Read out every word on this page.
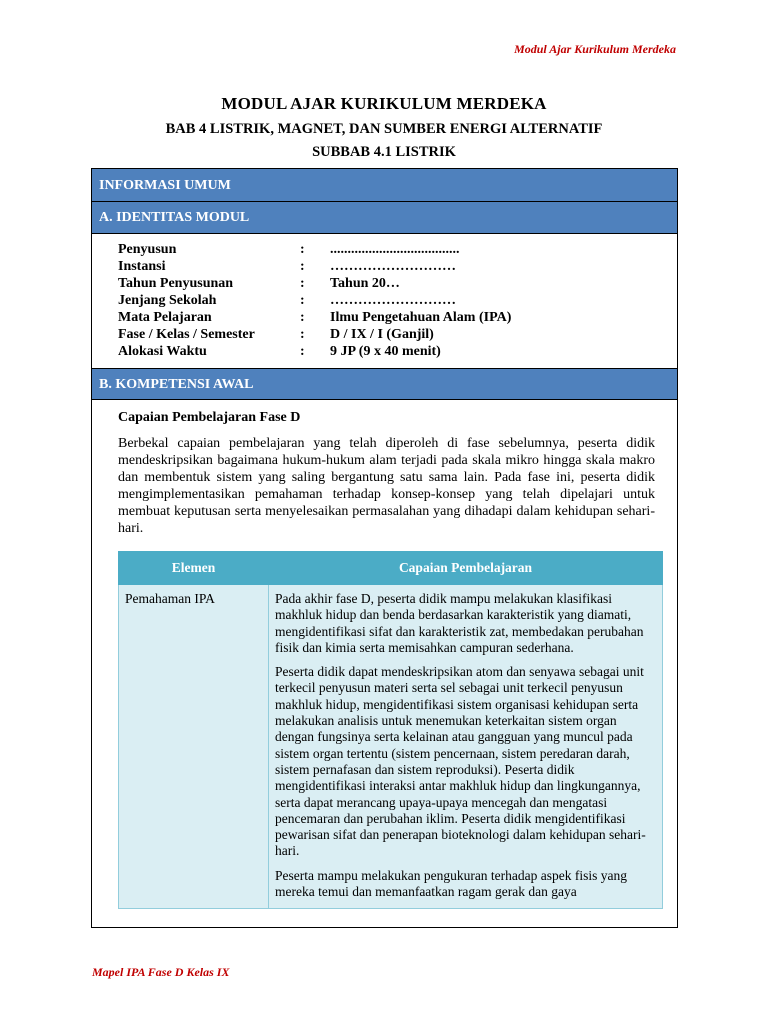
Modul Ajar Kurikulum Merdeka
MODUL AJAR KURIKULUM MERDEKA
BAB 4 LISTRIK, MAGNET, DAN SUMBER ENERGI ALTERNATIF
SUBBAB 4.1 LISTRIK
INFORMASI UMUM
A. IDENTITAS MODUL
Penyusun	:	.....................................
Instansi	:	………………………
Tahun Penyusunan	:	Tahun 20…
Jenjang Sekolah	:	………………………
Mata Pelajaran	:	Ilmu Pengetahuan Alam (IPA)
Fase / Kelas / Semester	:	D / IX / I (Ganjil)
Alokasi Waktu	:	9 JP (9 x 40 menit)
B. KOMPETENSI AWAL
Capaian Pembelajaran Fase D

Berbekal capaian pembelajaran yang telah diperoleh di fase sebelumnya, peserta didik mendeskripsikan bagaimana hukum-hukum alam terjadi pada skala mikro hingga skala makro dan membentuk sistem yang saling bergantung satu sama lain. Pada fase ini, peserta didik mengimplementasikan pemahaman terhadap konsep-konsep yang telah dipelajari untuk membuat keputusan serta menyelesaikan permasalahan yang dihadapi dalam kehidupan sehari-hari.

Elemen	Capaian Pembelajaran
Pemahaman IPA	Pada akhir fase D, peserta didik mampu melakukan klasifikasi makhluk hidup dan benda berdasarkan karakteristik yang diamati, mengidentifikasi sifat dan karakteristik zat, membedakan perubahan fisik dan kimia serta memisahkan campuran sederhana.

Peserta didik dapat mendeskripsikan atom dan senyawa sebagai unit terkecil penyusun materi serta sel sebagai unit terkecil penyusun makhluk hidup, mengidentifikasi sistem organisasi kehidupan serta melakukan analisis untuk menemukan keterkaitan sistem organ dengan fungsinya serta kelainan atau gangguan yang muncul pada sistem organ tertentu (sistem pencernaan, sistem peredaran darah, sistem pernafasan dan sistem reproduksi). Peserta didik mengidentifikasi interaksi antar makhluk hidup dan lingkungannya, serta dapat merancang upaya-upaya mencegah dan mengatasi pencemaran dan perubahan iklim. Peserta didik mengidentifikasi pewarisan sifat dan penerapan bioteknologi dalam kehidupan sehari-hari.

Peserta mampu melakukan pengukuran terhadap aspek fisis yang mereka temui dan memanfaatkan ragam gerak dan gaya

Mapel IPA Fase D Kelas IX
